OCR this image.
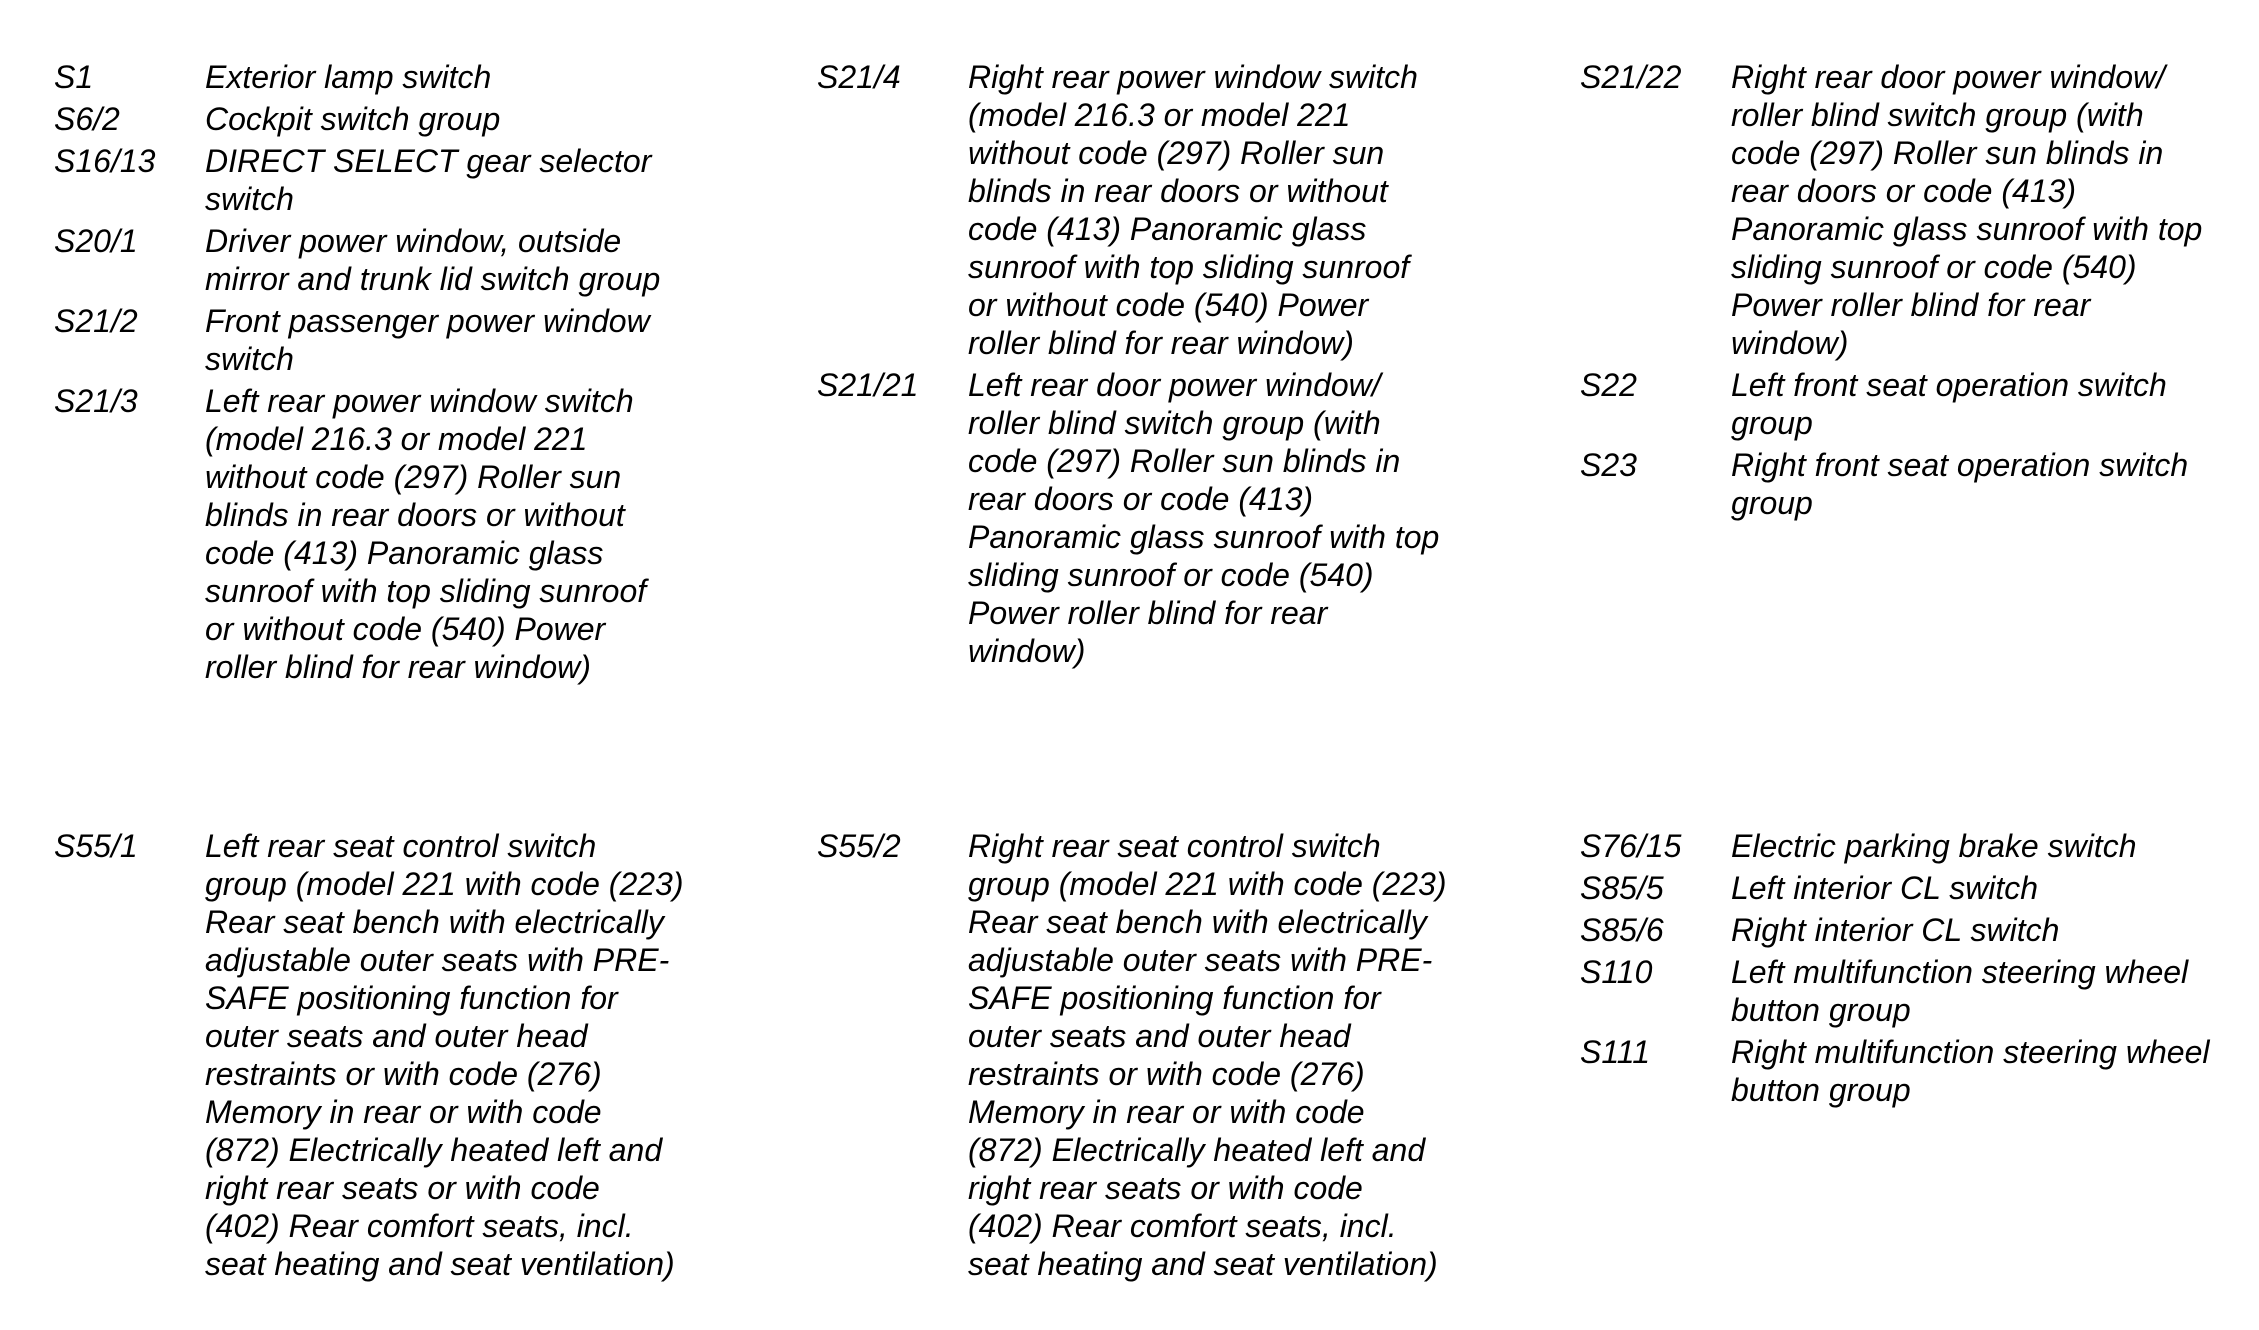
S1	Exterior lamp switch
S6/2	Cockpit switch group
S16/13	DIRECT SELECT gear selector
switch
S20/1	Driver power window, outside
mirror and trunk lid switch group
S21/2	Front passenger power window
switch
S21/3	Left rear power window switch
(model 216.3 or model 221
without code (297) Roller sun
blinds in rear doors or without
code (413) Panoramic glass
sunroof with top sliding sunroof
or without code (540) Power
roller blind for rear window)
S21/4	Right rear power window switch
(model 216.3 or model 221
without code (297) Roller sun
blinds in rear doors or without
code (413) Panoramic glass
sunroof with top sliding sunroof
or without code (540) Power
roller blind for rear window)
S21/21	Left rear door power window/
roller blind switch group (with
code (297) Roller sun blinds in
rear doors or code (413)
Panoramic glass sunroof with top
sliding sunroof or code (540)
Power roller blind for rear
window)
S21/22	Right rear door power window/
roller blind switch group (with
code (297) Roller sun blinds in
rear doors or code (413)
Panoramic glass sunroof with top
sliding sunroof or code (540)
Power roller blind for rear
window)
S22	Left front seat operation switch
group
S23	Right front seat operation switch
group
S55/1	Left rear seat control switch
group (model 221 with code (223)
Rear seat bench with electrically
adjustable outer seats with PRE-
SAFE positioning function for
outer seats and outer head
restraints or with code (276)
Memory in rear or with code
(872) Electrically heated left and
right rear seats or with code
(402) Rear comfort seats, incl.
seat heating and seat ventilation)
S55/2	Right rear seat control switch
group (model 221 with code (223)
Rear seat bench with electrically
adjustable outer seats with PRE-
SAFE positioning function for
outer seats and outer head
restraints or with code (276)
Memory in rear or with code
(872) Electrically heated left and
right rear seats or with code
(402) Rear comfort seats, incl.
seat heating and seat ventilation)
S76/15	Electric parking brake switch
S85/5	Left interior CL switch
S85/6	Right interior CL switch
S110	Left multifunction steering wheel
button group
S111	Right multifunction steering wheel
button group
